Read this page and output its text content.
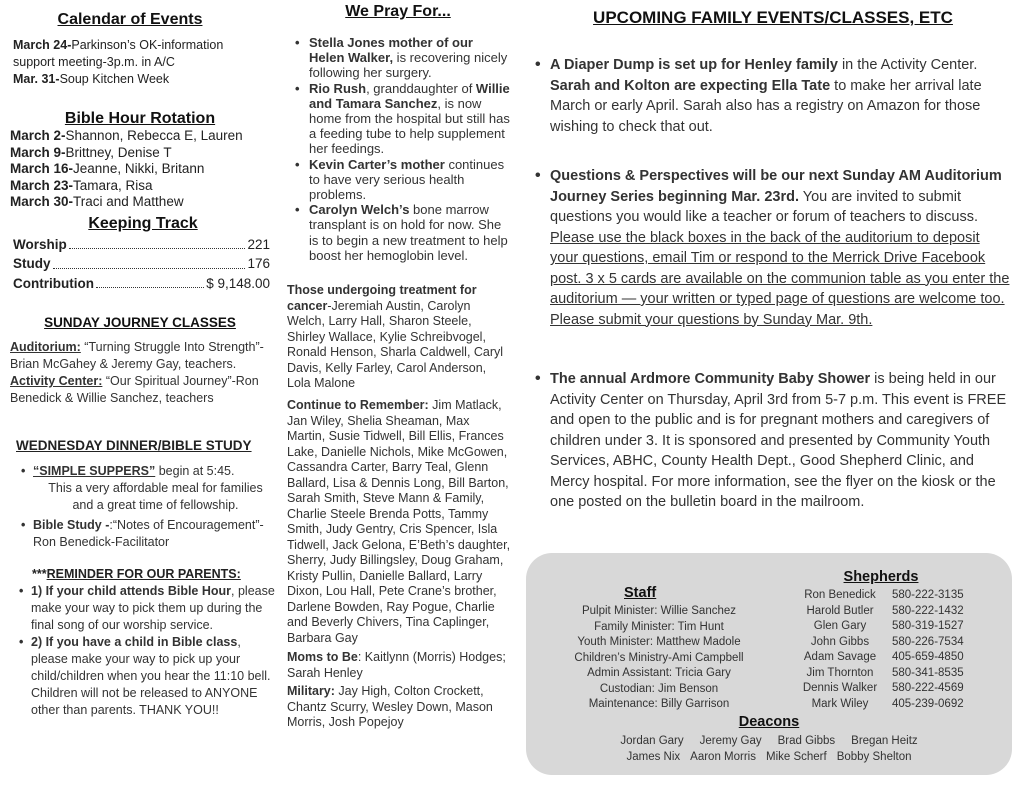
Calendar of Events
March 24-Parkinson’s OK-information support meeting-3p.m. in A/C
Mar. 31-Soup Kitchen Week
Bible Hour Rotation
March 2-Shannon, Rebecca E, Lauren
March 9-Brittney, Denise T
March 16-Jeanne, Nikki, Britann
March 23-Tamara, Risa
March 30-Traci and Matthew
Keeping Track
Worship	221
Study	176
Contribution	$ 9,148.00
SUNDAY JOURNEY CLASSES
Auditorium: “Turning Struggle Into Strength”-Brian McGahey & Jeremy Gay, teachers.
Activity Center: “Our Spiritual Journey”-Ron Benedick & Willie Sanchez, teachers
WEDNESDAY DINNER/BIBLE STUDY
• “SIMPLE SUPPERS” begin at 5:45.
This a very affordable meal for families and a great time of fellowship.
• Bible Study -:“Notes of Encouragement”-Ron Benedick-Facilitator
***REMINDER FOR OUR PARENTS:
• 1) If your child attends Bible Hour, please make your way to pick them up during the final song of our worship service.
• 2) If you have a child in Bible class, please make your way to pick up your child/children when you hear the 11:10 bell. Children will not be released to ANYONE other than parents. THANK YOU!!
We Pray For...
• Stella Jones mother of our Helen Walker, is recovering nicely following her surgery.
• Rio Rush, granddaughter of Willie and Tamara Sanchez, is now home from the hospital but still has a feeding tube to help supplement her feedings.
• Kevin Carter’s mother continues to have very serious health problems.
• Carolyn Welch’s bone marrow transplant is on hold for now. She is to begin a new treatment to help boost her hemoglobin level.
Those undergoing treatment for cancer-Jeremiah Austin, Carolyn Welch, Larry Hall, Sharon Steele, Shirley Wallace, Kylie Schreibvogel, Ronald Henson, Sharla Caldwell, Caryl Davis, Kelly Farley, Carol Anderson, Lola Malone
Continue to Remember: Jim Matlack, Jan Wiley, Shelia Sheaman, Max Martin, Susie Tidwell, Bill Ellis, Frances Lake, Danielle Nichols, Mike McGowen, Cassandra Carter, Barry Teal, Glenn Ballard, Lisa & Dennis Long, Bill Barton, Sarah Smith, Steve Mann & Family, Charlie Steele Brenda Potts, Tammy Smith, Judy Gentry, Cris Spencer, Isla Tidwell, Jack Gelona, E’Beth’s daughter, Sherry, Judy Billingsley, Doug Graham, Kristy Pullin, Danielle Ballard, Larry Dixon, Lou Hall, Pete Crane’s brother, Darlene Bowden, Ray Pogue, Charlie and Beverly Chivers, Tina Caplinger, Barbara Gay
Moms to Be: Kaitlynn (Morris) Hodges; Sarah Henley
Military: Jay High, Colton Crockett, Chantz Scurry, Wesley Down, Mason Morris, Josh Popejoy
UPCOMING FAMILY EVENTS/CLASSES, ETC
• A Diaper Dump is set up for Henley family in the Activity Center. Sarah and Kolton are expecting Ella Tate to make her arrival late March or early April. Sarah also has a registry on Amazon for those wishing to check that out.
• Questions & Perspectives will be our next Sunday AM Auditorium Journey Series beginning Mar. 23rd. You are invited to submit questions you would like a teacher or forum of teachers to discuss. Please use the black boxes in the back of the auditorium to deposit your questions, email Tim or respond to the Merrick Drive Facebook post. 3 x 5 cards are available on the communion table as you enter the auditorium — your written or typed page of questions are welcome too. Please submit your questions by Sunday Mar. 9th.
• The annual Ardmore Community Baby Shower is being held in our Activity Center on Thursday, April 3rd from 5-7 p.m. This event is FREE and open to the public and is for pregnant mothers and caregivers of children under 3. It is sponsored and presented by Community Youth Services, ABHC, County Health Dept., Good Shepherd Clinic, and Mercy hospital. For more information, see the flyer on the kiosk or the one posted on the bulletin board in the mailroom.
Staff
Pulpit Minister: Willie Sanchez
Family Minister: Tim Hunt
Youth Minister: Matthew Madole
Children’s Ministry-Ami Campbell
Admin Assistant: Tricia Gary
Custodian: Jim Benson
Maintenance: Billy Garrison
Shepherds
Ron Benedick	580-222-3135
Harold Butler	580-222-1432
Glen Gary	580-319-1527
John Gibbs	580-226-7534
Adam Savage	405-659-4850
Jim Thornton	580-341-8535
Dennis Walker	580-222-4569
Mark Wiley	405-239-0692
Deacons
Jordan Gary Jeremy Gay Brad Gibbs Bregan Heitz
James Nix Aaron Morris Mike Scherf Bobby Shelton
